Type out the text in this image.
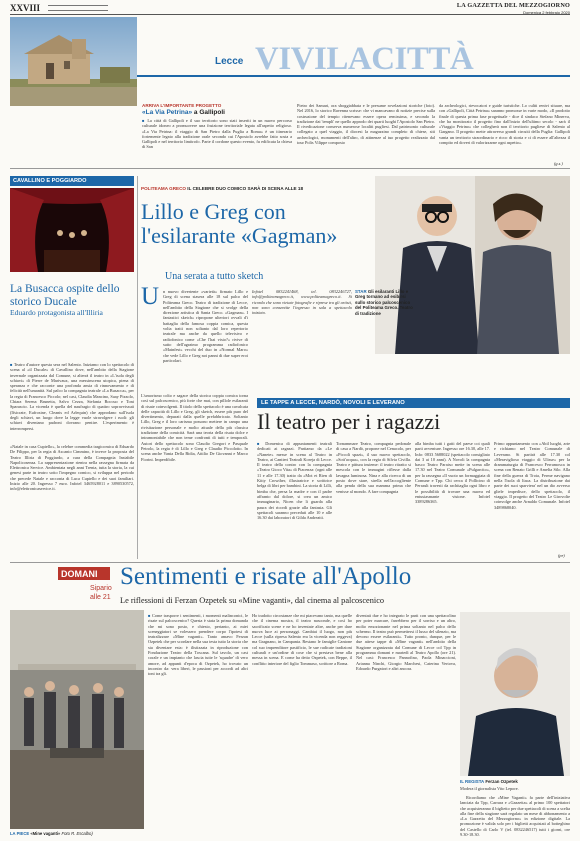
XXVIII	LA GAZZETTA DEL MEZZOGIORNO
Domenica 2 febbraio 2020
Lecce VIVILACITTÀ
ARRIVA L'IMPORTANTE PROGETTO
«La Via Petrina» a Gallipoli

■ La città di Gallipoli e il suo territorio sono stati inseriti in un nuovo percorso culturale idoneo a promuovere una fruizione territoriale legata all'aspetto religioso. «La Via Petrina: il viaggio di San Pietro dalla Puglia a Roma» è un itinerario fortemente legato alla tradizione orale secondo cui l'Apostolo avrebbe fatto sosta a Gallipoli e nel territorio limitrofo. Parte il cordone questo evento, fu edificata la chiesa di San

Pietro dei Samari, ora sboggiabbata e le presume rovelazioni storiche (foto). Nel 2016, lo storico Ravenna scrisse: che vi mancavano di notizie precise sulla costruzione del tempio ritenevano essere opera remissima, e secondo la tradizione dai 'templi' ne quello approdo dei quarti luoghi l'Apostolo San Pietro. Il rivedicazione conserva numerose localiti pugliesi. Dal patrimonio culturale collegato a quel viaggio, il diocesi la magazzino completo di chiese, siti archeologici, monumenti dell'altro, di attinenze al tuo progetto realizzato dal tour Polis Vilippe composto

da archeologici, rievocatori e guide turistiche. Lo cultti renivi situare, ma con «Gallipoli, Città Petrina» saranno promosse in varie modo, «Il prodotto finale di questa prima fase progettuale - dice il sindaco Stefano Minerva, che ha monitorato il progetto fino dall'inizio dell'ultimo secolo - sarà il «Viaggio Petrino» che collegherà non il territorio pugliese di Salento al Gargano. Il progetto mette attraverso grandi circuiti della Puglia: Gallipoli vanta un territorio straordinario e ricco di storia e ci di essere all'altezza il compito ed doveri di valorizzarne ogni aspetto».

(g.s.)
CAVALLINO E POGGIARDO
La Busacca ospite dello storico Ducale
Eduardo protagonista all'Illiria

■ Teatro d'autore questa sera nel Salento. Iniziamo con lo spettacolo di scena al «il Ducale» di Cavallino dove, nell'ambito della Stagione invernale organizzata dal Comune, si alterrà il teatro in «L'isola degli schiavi» di Pierre de Marivaux, una messinscena utopica, piena di speranza e che racconte una profonda ansia di rinnovamento e di felicità nell'umanità. Sul palco la compagnia teatrale «La Busacca», per la regia di Francesco Piccolo; nel cast, Claudia Mancino, Saay Pizzolo, Chiara Serena Brunetta, Salvo Cezza, Stefania Boccuo e Toni Sparascio. La vicenda è quella del naufragio di quattro sopravvissuti (Ifsicrate, Eufrosine, Cleanis ed Arlequin) che approdano sull'isola degli schiavi, un luogo dove la legge vuole stravolgere i ruoli: gli schiavi diventano padroni dovrano pentire. L'esperimento è interrompersi.

«Natale in casa Cupiello», la celebre commedia tragicomica di Eduardo De Filippo, per la regia di Ascanio Cimmino, è invece la proposta del Teatro Illiria di Poggiardo, a cura della Compagnia Instabile Napolicosenza. La rappresentazione rientra nella rassegna firmata da Elettronica Service. Ambientata negli anni Trenta, tutta la storia, la cui genesi parte in teatro sotto l'impegno comico, si sviluppa nel periodo che precede Natale e racconta di Luca Cupiello e dei suoi familiari. Inizio alle 20. Ingresso 7 euro. Infotel 3465928011 e 3890530572, info@elettronicaservice.it.

POLITEAMA GRECO IL CELEBRE DUO COMICO SARÀ DI SCENA ALLE 18
Lillo e Greg con l'esilarante «Gagman»
Una serata a tutto sketch
U n nuovo divertente «varietà» firmato Lillo e Greg di scena stasera alle 18 sul palco del Politeama Greco. Teatro di tradizione di Lecce, nell'ambito della Stagione che si svolge della direzione artistica di Santa Greco. «Gagman». I fantastici sketch» ripropone ulteriori ovvali d'i battaglia della famosa coppia comica, questa volta tratti non soltanto dal loro repertorio teatrale ma anche da quello televisivo e radiofonico come «Che l'hai visto?» rivive di sutto dell'agraimo programma radiofonico «Mainfest» vecchi del duo in «Normal Maro» che vede Lillo e Greg noi panni di due super eroi particolari.

L'umorismo colto e sagace della storica coppia comica torna così sul palcoscenico, più forte che mai, con pillole esilaranti di risate coinvolgenti. Il titolo dello spettacolo è una cavalcata delle capacità di Lillo e Greg, gli sketch, essere più puro del divertimento, depurati dalla quelle prefabbricato. Soltanto Lillo, Greg e il loro carisma possono mettere in campo una rivisitazione personale e molto attuale della più classica tradizione della comicità. Sarà una teoria della risata dolce e intramontabile che non teme confronti di tutti e temporali. Autori dello spettacolo sono Claudio Gregori e Pasquale Petrolo, la regia è di Lillo e Greg e Claudio Piccolotto. In scena anche Vania Della Bidia, Attilio De Giovanni e Marco Fiorini. Imperdibile.

Infotel 0832241468, tel. 0832246727, info@politeamagreco.it, www.politeamagreco.it. Si ricorda che sono vietate fotografie e riprese tra gli artisti, non sono consentite l'ingresso in sala a spettacolo iniziato.

STAR Gli esilaranti Lillo e Greg tornano ad esibirsi sullo storico palcoscenico del Politeama Greco. Teatro di tradizione
LE TAPPE A LECCE, NARDÒ, NOVOLI E LEVERANO
Il teatro per i ragazzi

■ Domenica di appuntamenti teatrali dedicati ai ragazzi. Partiamo da «Le «Nanete» messe in scena al Teatro in Teatro, ai Cantieri Teatrali Koreja di Lecce. Il teatro della contro con la compagnia «Teatro Gioco Vita» di Piacenza: (ogni alle 11 e alle 17.30) tratto da «Mot et Rien di Kitty Crowther, illustratrice e scrittrice belga di libri per bambini. La storia di Lilli, bimba che, persa la madre e con il padre affranto dal dolore, si crea un amico immaginario, Nicen che li guarda alla paura dei ricordi grazie alla fantasia. Gli spettacoli saranno preceduti alle 10 e alle 16.30 dai laboratori di Gilda Andreatti.

Tornammare Teatro, compagnia pedonale di casa a Nardò, propone nel Cenacolo, per «Piccoli spazi», il suo nuovo spettacolo, «Sott'acqua», con la regia di Silvia Civilla. Teatro e pittura insieme: il teatro ritratto si mescola con le immagini riflesse dalla lavagna luminosa. Nina e alla ricerca di un posto dove stare, sirella nell'accogliente alla penda della sua mamma prima che venisse al mondo. A fare compagnia

alla bimba tutti i gatti del paese coi quali parti avventure. Ingresso ore 16.30, alle 17. Info: 0833 5688022 (spettacolo consigliato dai 3 ai 10 anni). A Novoli la compagnia basco Teatro Paraiso mette in scena alle 17.30 nel Teatro Comunale «Pulgarcito», per la rassegna «Il vuoto un formaggiata di Comune e Tpp. Chi cerca il Pollicino di Perrault travesti da rachitaglia ogni libro e le possibilità di trovare una nuova ed entusiasmante visione. Infotel 3389286365.

Primo appuntamento con «Abil luoghi, arte e richiamo nel Teatro Comunale di Leverano. Si partirà alle 17.30 col «Meraviglioso viaggio di Ulisse» per la drammaturgia di Francesco Ferramosca in scena con Renato Grilli e Amelia Silo. Alla fine della guerra di Troia, Ferme navigano nella l'isola di Itaca. La distribuzione dai parte dei suoi sparviera' nel un dio avverso gliele impedisce, dello spettacolo, il viaggio. Il progetto del Teatro Le Girovolte coinvolge anche Arnaldo Comunale. Infotel 3489868040.

(pr)
DOMANI
Sipario alle 21
Sentimenti e risate all'Apollo
Le riflessioni di Ferzan Ozpetek su «Mine vaganti», dal cinema al palcoscenico
LA PIECE «Mine vaganti» Foto R. Escalbo)

■ Come trasporre i sentimenti, i momenti malinconici, le risate sul palcoscenico? Questa è stata la prima domanda che mi sono posto, e chiesto, pertanto, ai miei sceneggiatori se volessero prendere corpo l'ipotesi di teatralizzare «Mine vaganti». Tanto amavo Ferzan Ozpetek che per scordare nella sua testa tutto la storia che sta diventare esta: è ilistizzata in riproduzione con Fondazione Teatro della Toscana. Sul tavolo, un cast corale e un impianto che lascia tutte le 'squadre' di vero amore, ad appunti d'epoca di Ozpetek, ho trovato un incontro da: vera liberi, le passioni per accordi ad altri toni tra gli.

Ho tradotto circostanze che mi piacevano tanto, ma quelle che il cinema mostra, il teatro nasconde, e così ho sacrificato scene e ne ho inventate altre, anche per dare nuova luce ai personaggi. Cambiai il luogo, non più Lecce (sulla ripresa Salento era la vicenda non reggeva) ma Gragnano, in Campania. Restano le famiglie Cantone col suo imprenditore pastificio, le sue radicate tradizioni culturali e un'ordine di cose che si prestava bene alla messa in scena. E come ha detto Ozpetek, con Beppe, il conflitto interiore del figlio Tommaso, scrittore a Roma.

diventati due e ho integrato le parti con una spettacolino per poter marcare, farrebbero per il sorriso e un altro, molto emozionante nel prima soltanto nel palco dello schermo. Il teatro può permettersi il lusso del silenzio, ma devono essere esilaranti». Tutto pronto, dunque, per le due attese tappe di «Mine vaganti» nell'ambito della Stagione organizzata dal Comune di Lecce col Tpp in programma domani e martedì al Teatro Apollo (ore 21). Nel cast: Francesco Pannofino, Paola Minaccioni, Arianna Ninchi, Giorgio Marchesi, Caterina Vertova, Edoardo Purgatori e altri ancora.

IL REGISTA Ferzan Ozpetek

Modera il giornalista Vito Lepore.

Ricordiamo che «Mine Vaganti» fa parte dell'iniziativa lanciata da Tpp, Carrara e «Gazzetta» al primo 100 spettatori che acquisteranno il biglietto per due spettacoli di scena a scelta alla fine della stagione sarà regalato un mese di abbonamento a «La Gazzetta del Mezzogiorno» in edizione digitale. La promozione è valida solo per i biglietti acquistati al botteghino del Castello di Carlo V (tel. 0832246517) tutti i giorni, ore 9.30-18.30.
